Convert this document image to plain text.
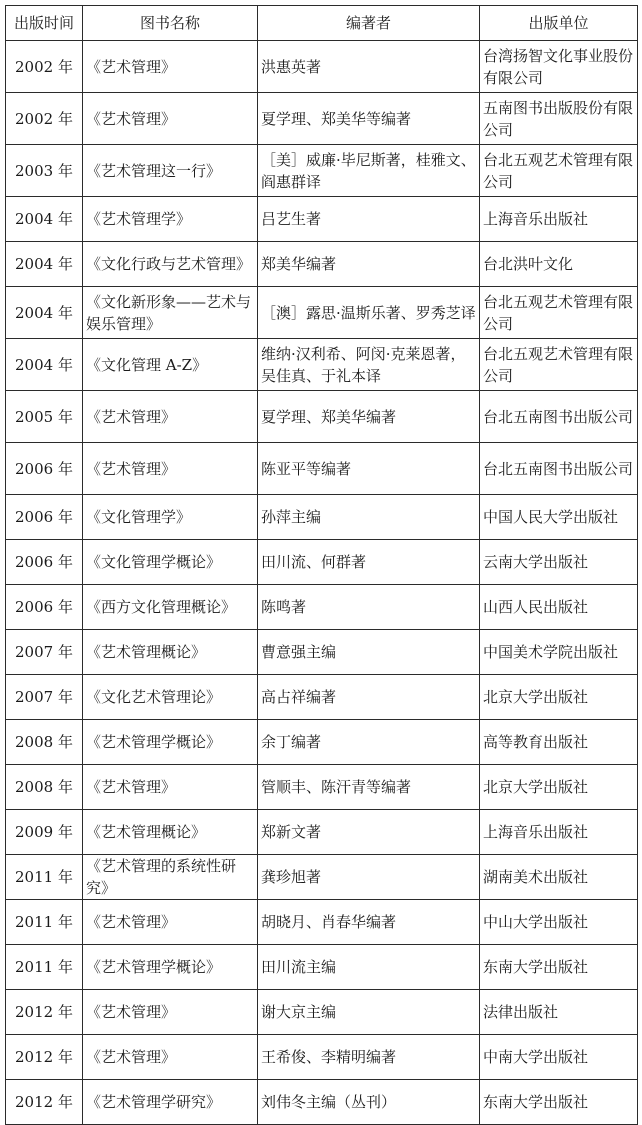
出版时间	图书名称	编著者	出版单位
2002 年	《艺术管理》	洪惠英著	台湾扬智文化事业股份有限公司
2002 年	《艺术管理》	夏学理、郑美华等编著	五南图书出版股份有限公司
2003 年	《艺术管理这一行》	［美］威廉·毕尼斯著，桂雅文、阎惠群译	台北五观艺术管理有限公司
2004 年	《艺术管理学》	吕艺生著	上海音乐出版社
2004 年	《文化行政与艺术管理》	郑美华编著	台北洪叶文化
2004 年	《文化新形象——艺术与娱乐管理》	［澳］露思·温斯乐著、罗秀芝译	台北五观艺术管理有限公司
2004 年	《文化管理 A-Z》	维纳·汉利希、阿闵·克莱恩著，吴佳真、于礼本译	台北五观艺术管理有限公司
2005 年	《艺术管理》	夏学理、郑美华编著	台北五南图书出版公司
2006 年	《艺术管理》	陈亚平等编著	台北五南图书出版公司
2006 年	《文化管理学》	孙萍主编	中国人民大学出版社
2006 年	《文化管理学概论》	田川流、何群著	云南大学出版社
2006 年	《西方文化管理概论》	陈鸣著	山西人民出版社
2007 年	《艺术管理概论》	曹意强主编	中国美术学院出版社
2007 年	《文化艺术管理论》	高占祥编著	北京大学出版社
2008 年	《艺术管理学概论》	余丁编著	高等教育出版社
2008 年	《艺术管理》	管顺丰、陈汗青等编著	北京大学出版社
2009 年	《艺术管理概论》	郑新文著	上海音乐出版社
2011 年	《艺术管理的系统性研究》	龚珍旭著	湖南美术出版社
2011 年	《艺术管理》	胡晓月、肖春华编著	中山大学出版社
2011 年	《艺术管理学概论》	田川流主编	东南大学出版社
2012 年	《艺术管理》	谢大京主编	法律出版社
2012 年	《艺术管理》	王希俊、李精明编著	中南大学出版社
2012 年	《艺术管理学研究》	刘伟冬主编（丛刊）	东南大学出版社
